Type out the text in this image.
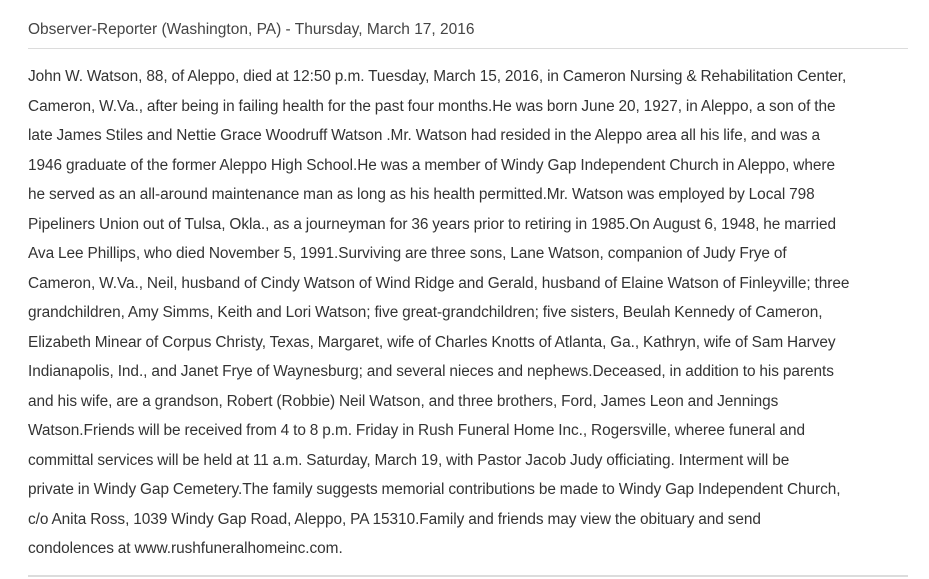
Observer-Reporter (Washington, PA) - Thursday, March 17, 2016

John W. Watson, 88, of Aleppo, died at 12:50 p.m. Tuesday, March 15, 2016, in Cameron Nursing & Rehabilitation Center,
Cameron, W.Va., after being in failing health for the past four months.He was born June 20, 1927, in Aleppo, a son of the
late James Stiles and Nettie Grace Woodruff Watson .Mr. Watson had resided in the Aleppo area all his life, and was a
1946 graduate of the former Aleppo High School.He was a member of Windy Gap Independent Church in Aleppo, where
he served as an all-around maintenance man as long as his health permitted.Mr. Watson was employed by Local 798
Pipeliners Union out of Tulsa, Okla., as a journeyman for 36 years prior to retiring in 1985.On August 6, 1948, he married
Ava Lee Phillips, who died November 5, 1991.Surviving are three sons, Lane Watson, companion of Judy Frye of
Cameron, W.Va., Neil, husband of Cindy Watson of Wind Ridge and Gerald, husband of Elaine Watson of Finleyville; three
grandchildren, Amy Simms, Keith and Lori Watson; five great-grandchildren; five sisters, Beulah Kennedy of Cameron,
Elizabeth Minear of Corpus Christy, Texas, Margaret, wife of Charles Knotts of Atlanta, Ga., Kathryn, wife of Sam Harvey
Indianapolis, Ind., and Janet Frye of Waynesburg; and several nieces and nephews.Deceased, in addition to his parents
and his wife, are a grandson, Robert (Robbie) Neil Watson, and three brothers, Ford, James Leon and Jennings
Watson.Friends will be received from 4 to 8 p.m. Friday in Rush Funeral Home Inc., Rogersville, wheree funeral and
committal services will be held at 11 a.m. Saturday, March 19, with Pastor Jacob Judy officiating. Interment will be
private in Windy Gap Cemetery.The family suggests memorial contributions be made to Windy Gap Independent Church,
c/o Anita Ross, 1039 Windy Gap Road, Aleppo, PA 15310.Family and friends may view the obituary and send
condolences at www.rushfuneralhomeinc.com.
